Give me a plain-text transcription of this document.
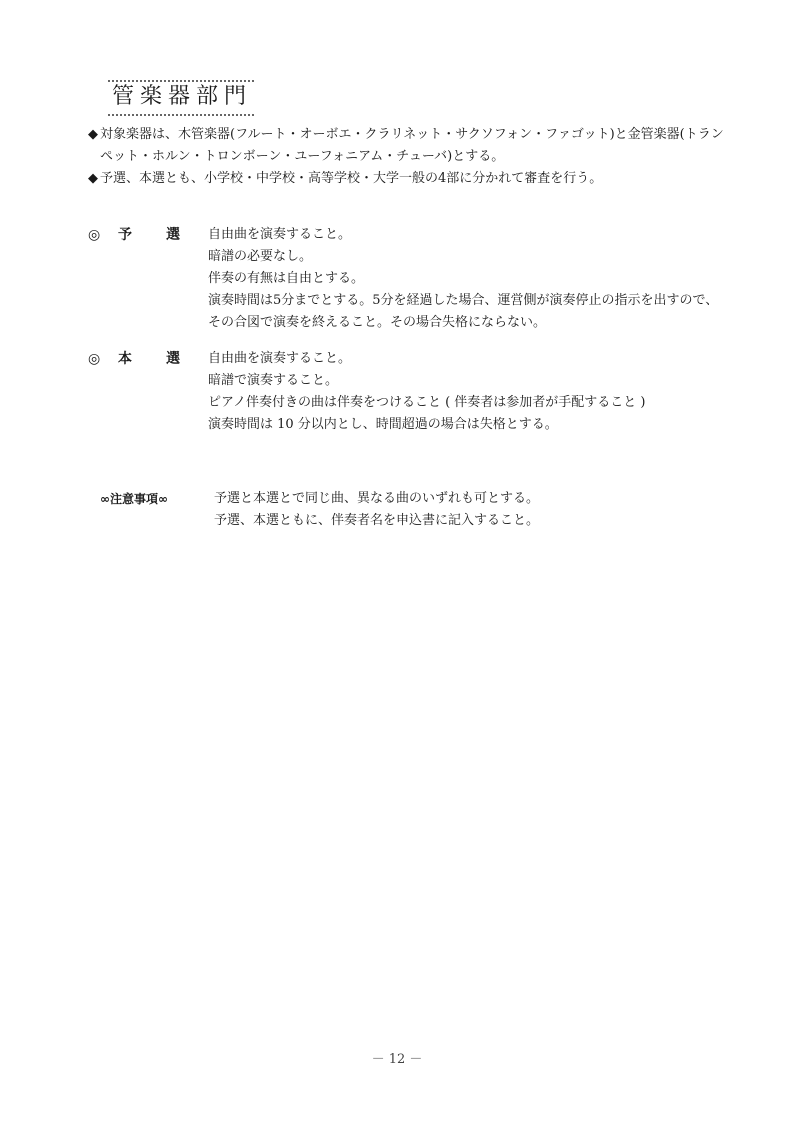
管楽器部門
◆ 対象楽器は、木管楽器(フルート・オーボエ・クラリネット・サクソフォン・ファゴット)と金管楽器(トランペット・ホルン・トロンボーン・ユーフォニアム・チューバ)とする。
◆ 予選、本選とも、小学校・中学校・高等学校・大学一般の4部に分かれて審査を行う。
◎ 予 選 自由曲を演奏すること。
暗譜の必要なし。
伴奏の有無は自由とする。
演奏時間は5分までとする。5分を経過した場合、運営側が演奏停止の指示を出すので、その合図で演奏を終えること。その場合失格にならない。
◎ 本 選 自由曲を演奏すること。
暗譜で演奏すること。
ピアノ伴奏付きの曲は伴奏をつけること ( 伴奏者は参加者が手配すること )
演奏時間は 10 分以内とし、時間超過の場合は失格とする。
∞注意事項∞	予選と本選とで同じ曲、異なる曲のいずれも可とする。
予選、本選ともに、伴奏者名を申込書に記入すること。
－ 12 －
